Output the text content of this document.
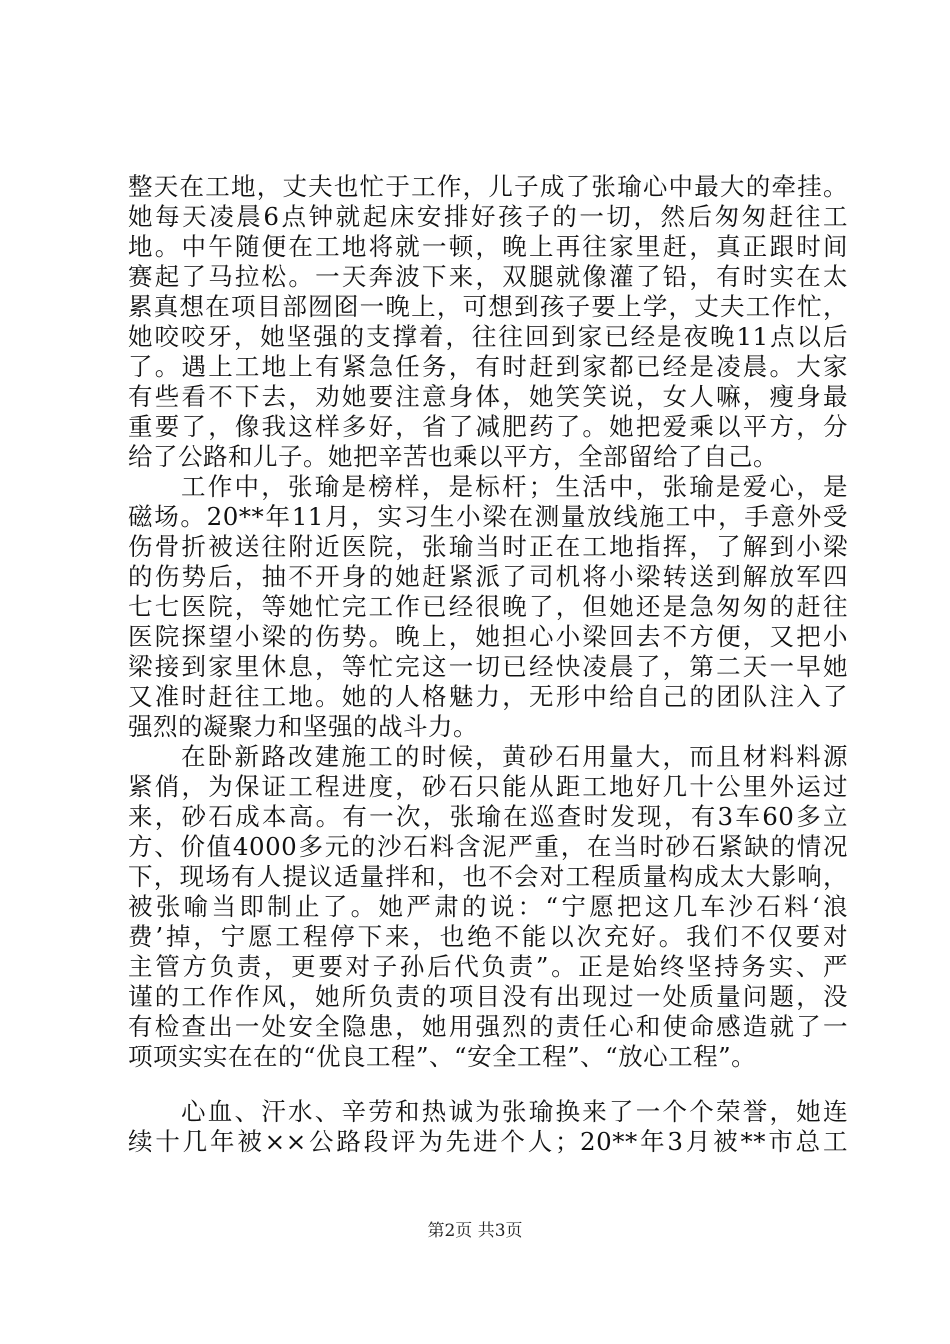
整天在工地，丈夫也忙于工作，儿子成了张瑜心中最大的牵挂。
她每天凌晨6点钟就起床安排好孩子的一切，然后匆匆赶往工
地。中午随便在工地将就一顿，晚上再往家里赶，真正跟时间
赛起了马拉松。一天奔波下来，双腿就像灌了铅，有时实在太
累真想在项目部囫囵一晚上，可想到孩子要上学，丈夫工作忙，
她咬咬牙，她坚强的支撑着，往往回到家已经是夜晚11点以后
了。遇上工地上有紧急任务，有时赶到家都已经是凌晨。大家
有些看不下去，劝她要注意身体，她笑笑说，女人嘛，瘦身最
重要了，像我这样多好，省了减肥药了。她把爱乘以平方，分
给了公路和儿子。她把辛苦也乘以平方，全部留给了自己。
工作中，张瑜是榜样，是标杆；生活中，张瑜是爱心，是
磁场。20**年11月，实习生小梁在测量放线施工中，手意外受
伤骨折被送往附近医院，张瑜当时正在工地指挥，了解到小梁
的伤势后，抽不开身的她赶紧派了司机将小梁转送到解放军四
七七医院，等她忙完工作已经很晚了，但她还是急匆匆的赶往
医院探望小梁的伤势。晚上，她担心小梁回去不方便，又把小
梁接到家里休息，等忙完这一切已经快凌晨了，第二天一早她
又准时赶往工地。她的人格魅力，无形中给自己的团队注入了
强烈的凝聚力和坚强的战斗力。
在卧新路改建施工的时候，黄砂石用量大，而且材料料源
紧俏，为保证工程进度，砂石只能从距工地好几十公里外运过
来，砂石成本高。有一次，张瑜在巡查时发现，有3车60多立
方、价值4000多元的沙石料含泥严重，在当时砂石紧缺的情况
下，现场有人提议适量拌和，也不会对工程质量构成太大影响，
被张喻当即制止了。她严肃的说：“宁愿把这几车沙石料‘浪
费’掉，宁愿工程停下来，也绝不能以次充好。我们不仅要对
主管方负责，更要对子孙后代负责”。正是始终坚持务实、严
谨的工作作风，她所负责的项目没有出现过一处质量问题，没
有检查出一处安全隐患，她用强烈的责任心和使命感造就了一
项项实实在在的“优良工程”、“安全工程”、“放心工程”。
心血、汗水、辛劳和热诚为张瑜换来了一个个荣誉，她连
续十几年被××公路段评为先进个人；20**年3月被**市总工
第2页 共3页
